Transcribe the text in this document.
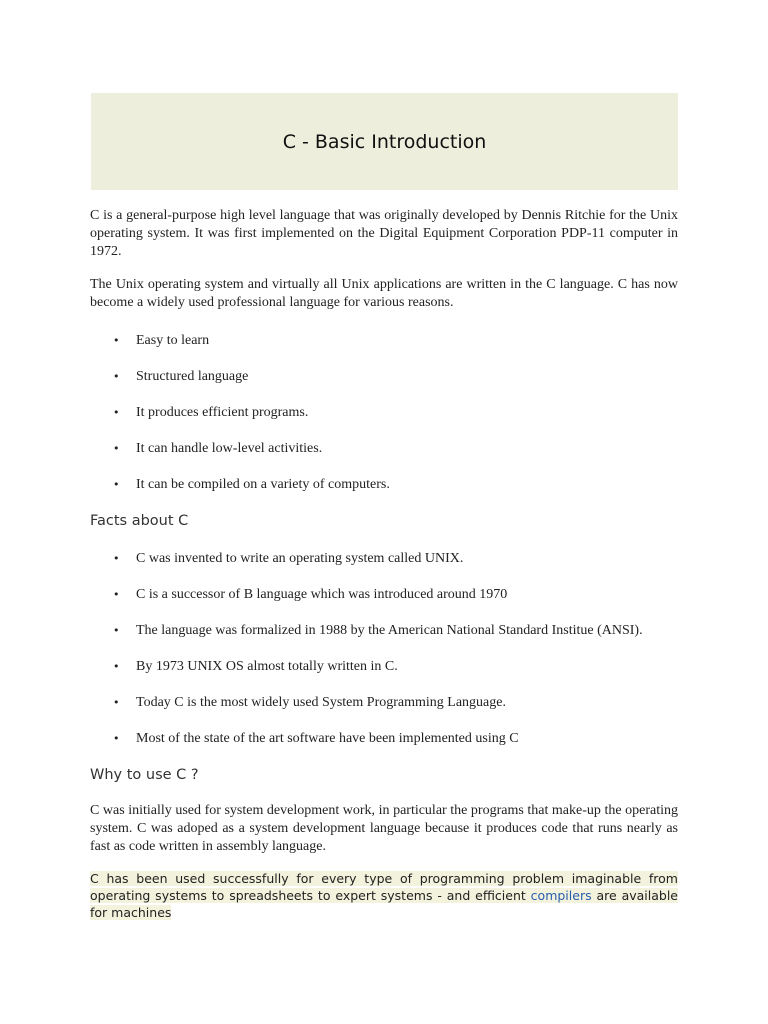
C - Basic Introduction

C is a general-purpose high level language that was originally developed by Dennis Ritchie for the Unix operating system. It was first implemented on the Digital Equipment Corporation PDP-11 computer in 1972.

The Unix operating system and virtually all Unix applications are written in the C language. C has now become a widely used professional language for various reasons.

• Easy to learn
• Structured language
• It produces efficient programs.
• It can handle low-level activities.
• It can be compiled on a variety of computers.
Facts about C
• C was invented to write an operating system called UNIX.
• C is a successor of B language which was introduced around 1970
• The language was formalized in 1988 by the American National Standard Institue (ANSI).
• By 1973 UNIX OS almost totally written in C.
• Today C is the most widely used System Programming Language.
• Most of the state of the art software have been implemented using C
Why to use C ?

C was initially used for system development work, in particular the programs that make-up the operating system. C was adoped as a system development language because it produces code that runs nearly as fast as code written in assembly language.

C has been used successfully for every type of programming problem imaginable from operating systems to spreadsheets to expert systems - and efficient compilers are available for machines
